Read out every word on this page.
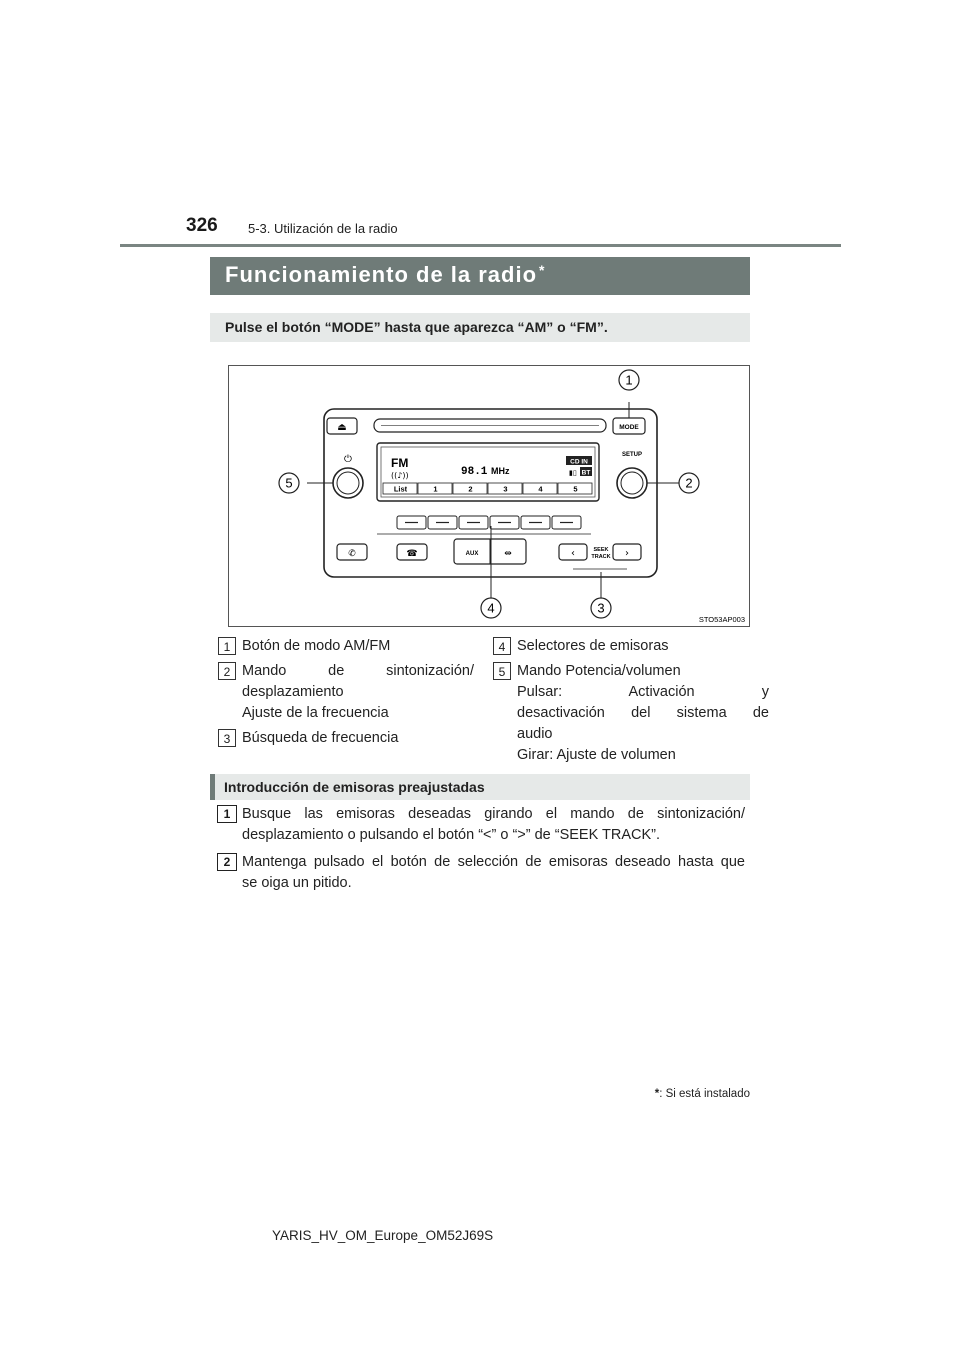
326 5-3. Utilización de la radio
Funcionamiento de la radio *
Pulse el botón “MODE” hasta que aparezca “AM” o “FM”.
⏏	MODE
⏻	FM
((♪))	98.1 MHz
CD IN
▮▯ BT
List	1	2	3	4	5
SETUP
✆	☎	AUX	⇹	‹	SEEK
TRACK ›
1
2
3
4
5
STO53AP003
1 Botón de modo AM/FM
2 Mando de sintonización/
desplazamiento
Ajuste de la frecuencia
3 Búsqueda de frecuencia
4 Selectores de emisoras
5 Mando Potencia/volumen
Pulsar: Activación y
desactivación del sistema de
audio
Girar: Ajuste de volumen
Introducción de emisoras preajustadas
1 Busque las emisoras deseadas girando el mando de sintonización/
desplazamiento o pulsando el botón “<” o “>” de “SEEK TRACK”.
2 Mantenga pulsado el botón de selección de emisoras deseado hasta que
se oiga un pitido.
*: Si está instalado
YARIS_HV_OM_Europe_OM52J69S
